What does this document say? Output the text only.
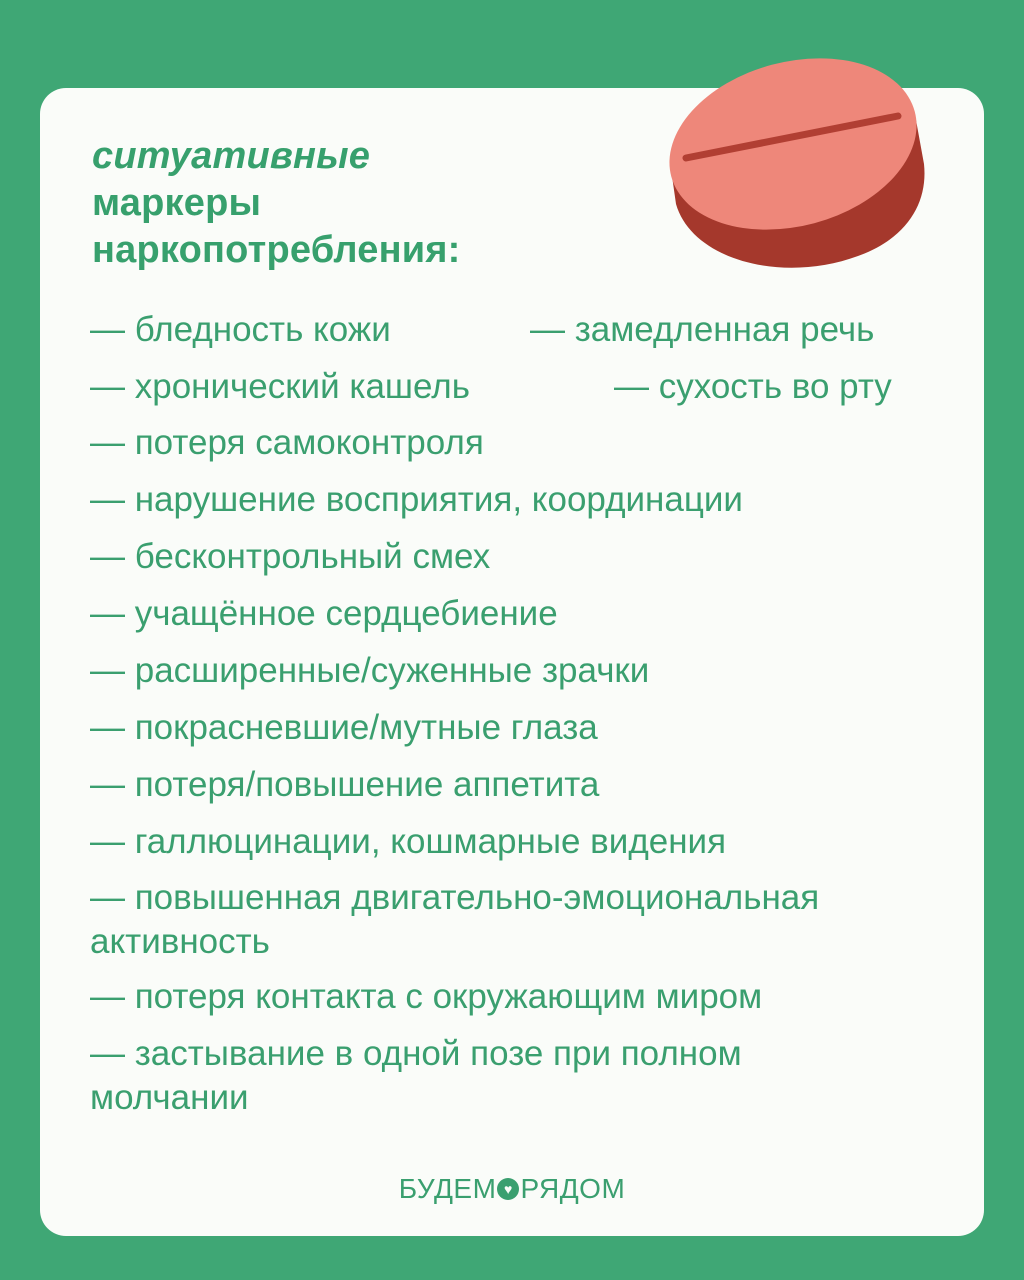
ситуативные
маркеры
наркопотребления:
— бледность кожи	— замедленная речь
— хронический кашель	— сухость во рту
— потеря самоконтроля
— нарушение восприятия, координации
— бесконтрольный смех
— учащённое сердцебиение
— расширенные/суженные зрачки
— покрасневшие/мутные глаза
— потеря/повышение аппетита
— галлюцинации, кошмарные видения
— повышенная двигательно-эмоциональная активность
— потеря контакта с окружающим миром
— застывание в одной позе при полном молчании
БУДЕМ♥ РЯДОМ
